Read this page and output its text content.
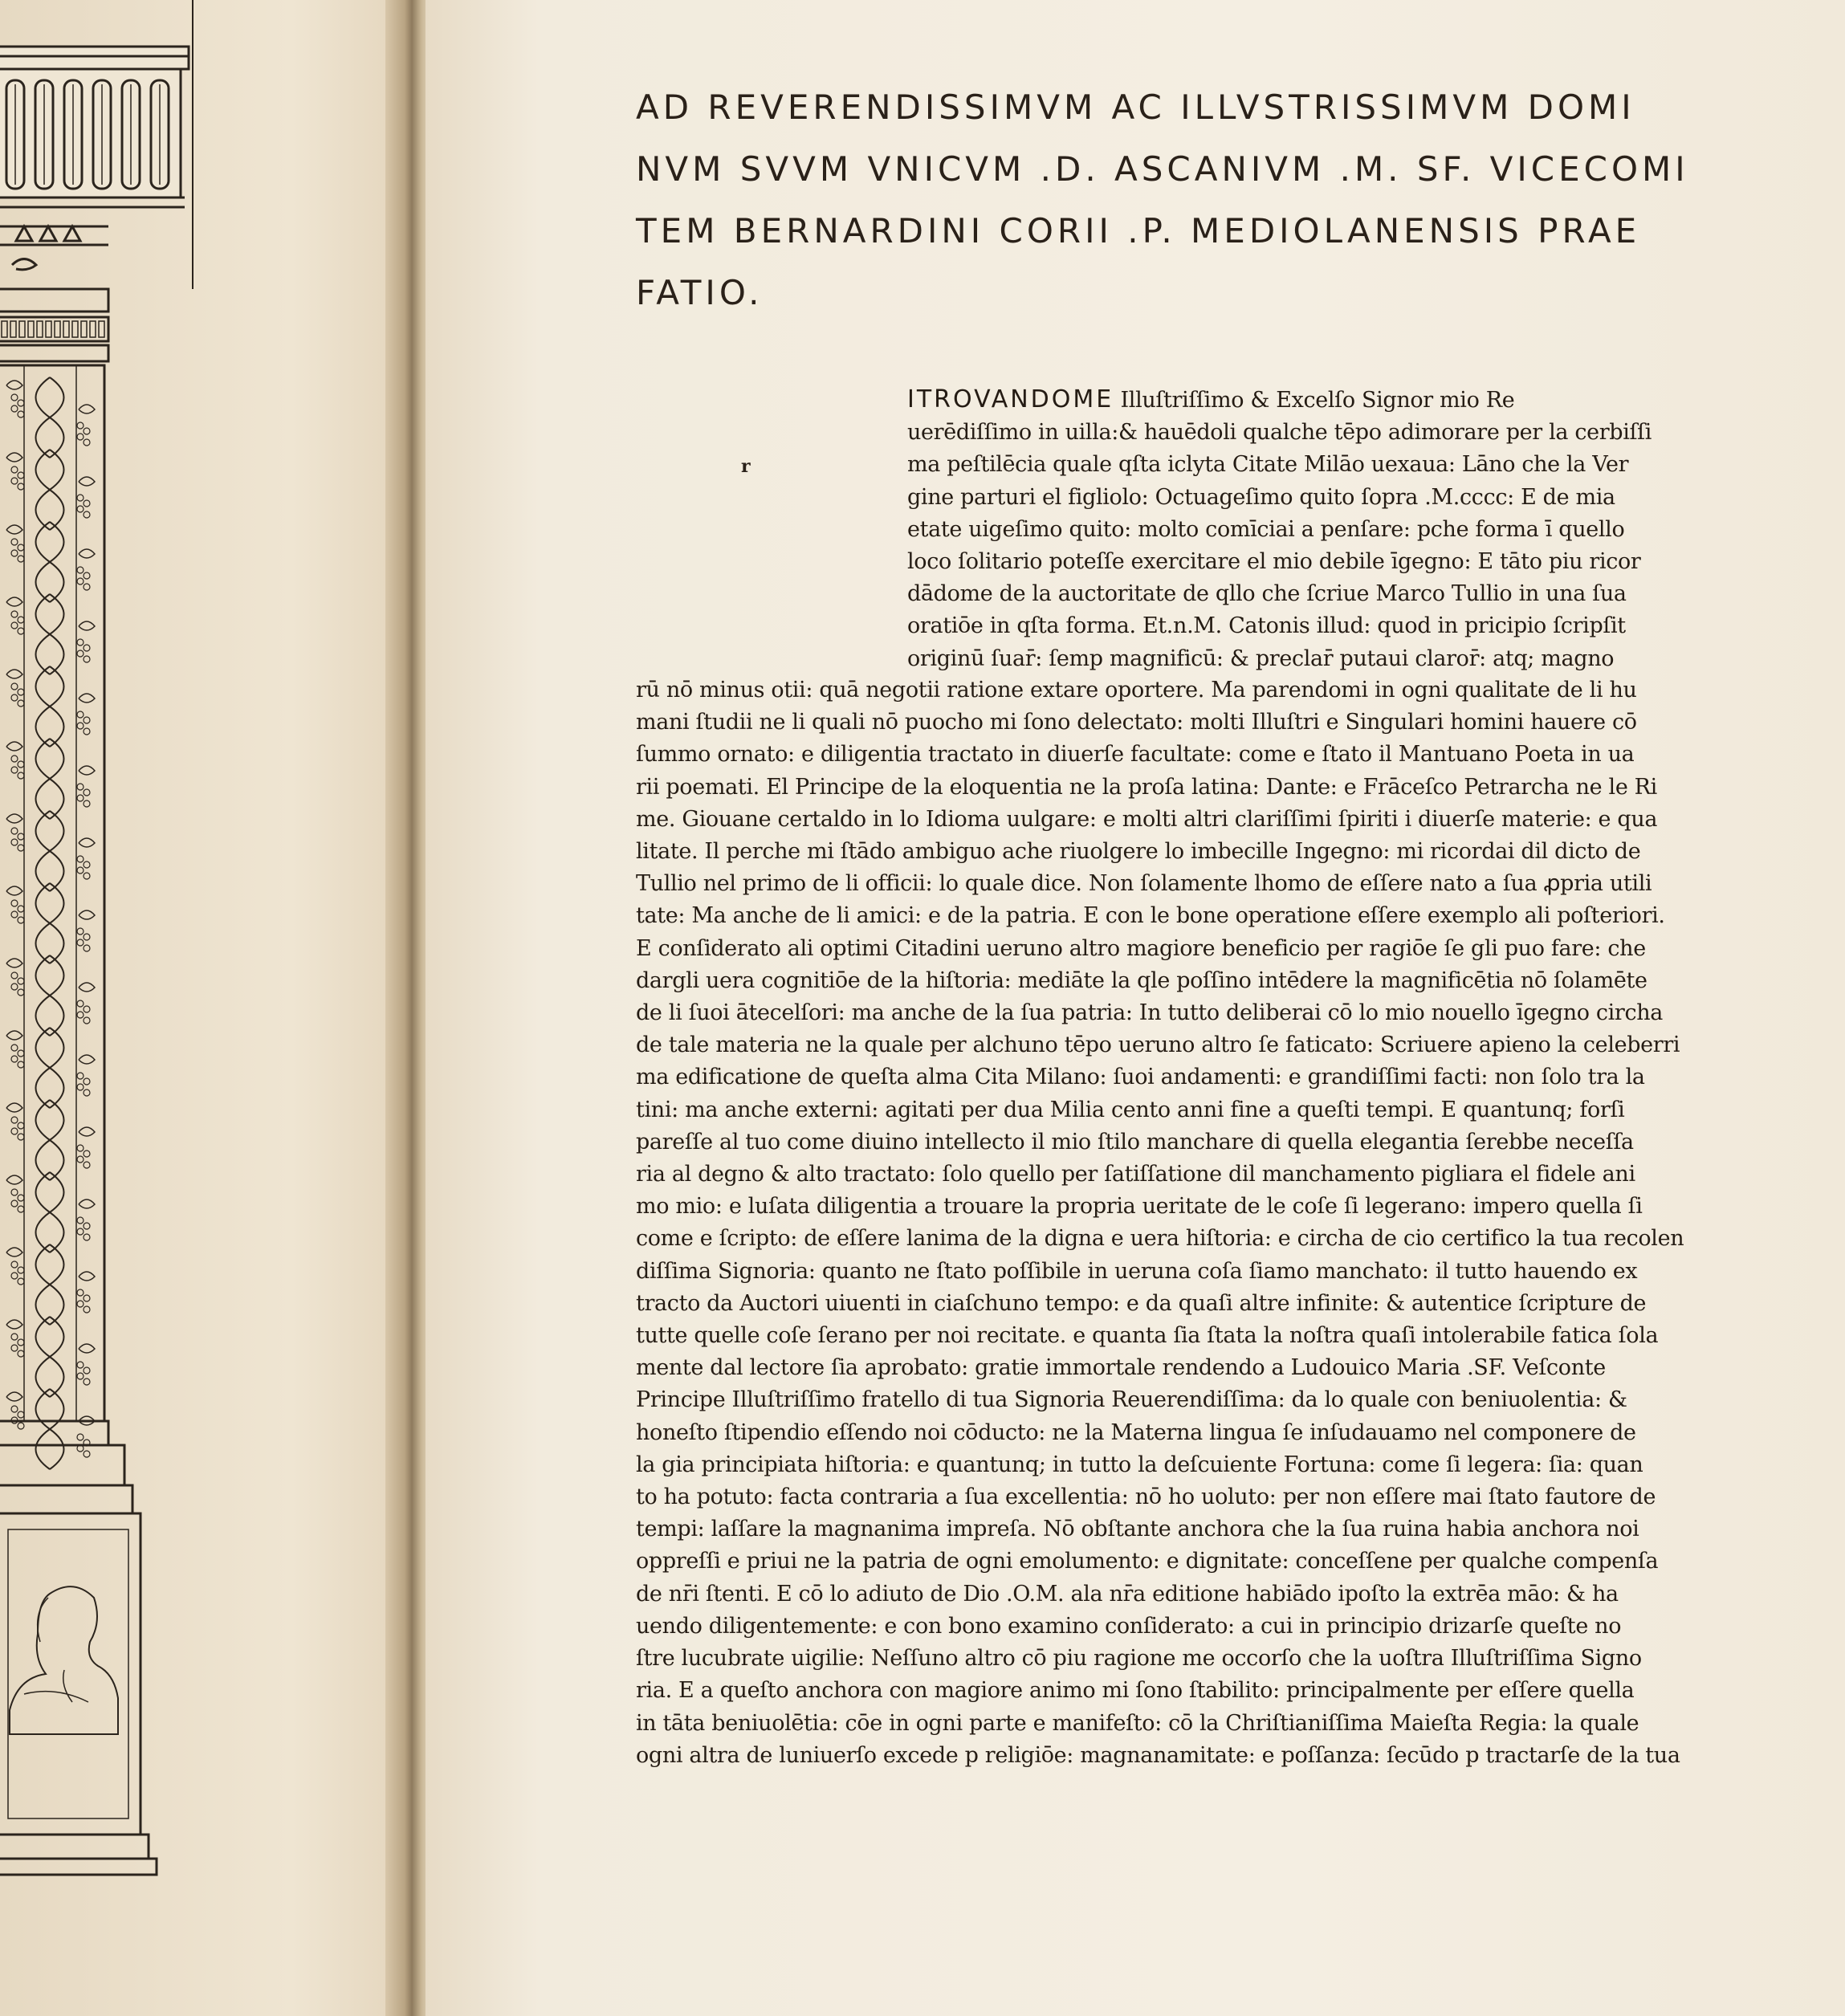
AD REVERENDISSIMVM AC ILLVSTRISSIMVM DOMI
NVM SVVM VNICVM .D. ASCANIVM .M. SF. VICECOMI
TEM BERNARDINI CORII .P. MEDIOLANENSIS PRAE
FATIO.
r
ITROVANDOME Illuſtriſſimo & Excelſo Signor mio Re
uerēdiſſimo in uilla:& hauēdoli qualche tēpo adimorare per la cerbiſſi
ma peſtilēcia quale qſta iclyta Citate Milāo uexaua: Lāno che la Ver
gine parturi el figliolo: Octuageſimo quito ſopra .M.cccc: E de mia
etate uigeſimo quito: molto comīciai a penſare: pche forma ī quello
loco ſolitario poteſſe exercitare el mio debile īgegno: E tāto piu ricor
dādome de la auctoritate de qllo che ſcriue Marco Tullio in una ſua
oratiōe in qſta forma. Et.n.M. Catonis illud: quod in pricipio ſcripſit
originū ſuar̄: ſemp magnificū: & preclar̄ putaui claror̄: atq; magno
rū nō minus otii: quā negotii ratione extare oportere. Ma parendomi in ogni qualitate de li hu
mani ſtudii ne li quali nō puocho mi ſono delectato: molti Illuſtri e Singulari homini hauere cō
ſummo ornato: e diligentia tractato in diuerſe facultate: come e ſtato il Mantuano Poeta in ua
rii poemati. El Principe de la eloquentia ne la proſa latina: Dante: e Frāceſco Petrarcha ne le Ri
me. Giouane certaldo in lo Idioma uulgare: e molti altri clariſſimi ſpiriti i diuerſe materie: e qua
litate. Il perche mi ſtādo ambiguo ache riuolgere lo imbecille Ingegno: mi ricordai dil dicto de
Tullio nel primo de li officii: lo quale dice. Non ſolamente lhomo de eſſere nato a ſua ꝓpria utili
tate: Ma anche de li amici: e de la patria. E con le bone operatione eſſere exemplo ali poſteriori.
E conſiderato ali optimi Citadini ueruno altro magiore beneficio per ragiōe ſe gli puo fare: che
dargli uera cognitiōe de la hiſtoria: mediāte la qle poſſino intēdere la magnificētia nō ſolamēte
de li ſuoi ātecelſori: ma anche de la ſua patria: In tutto deliberai cō lo mio nouello īgegno circha
de tale materia ne la quale per alchuno tēpo ueruno altro ſe faticato: Scriuere apieno la celeberri
ma edificatione de queſta alma Cita Milano: ſuoi andamenti: e grandiſſimi facti: non ſolo tra la
tini: ma anche externi: agitati per dua Milia cento anni fine a queſti tempi. E quantunq; forſi
pareſſe al tuo come diuino intellecto il mio ſtilo manchare di quella elegantia ſerebbe neceſſa
ria al degno & alto tractato: ſolo quello per ſatiſſatione dil manchamento pigliara el fidele ani
mo mio: e luſata diligentia a trouare la propria ueritate de le coſe ſi legerano: impero quella ſi
come e ſcripto: de eſſere lanima de la digna e uera hiſtoria: e circha de cio certifico la tua recolen
diſſima Signoria: quanto ne ſtato poſſibile in ueruna coſa ſiamo manchato: il tutto hauendo ex
tracto da Auctori uiuenti in ciaſchuno tempo: e da quaſi altre infinite: & autentice ſcripture de
tutte quelle coſe ſerano per noi recitate. e quanta ſia ſtata la noſtra quaſi intolerabile fatica ſola
mente dal lectore ſia aprobato: gratie immortale rendendo a Ludouico Maria .SF. Veſconte
Principe Illuſtriſſimo fratello di tua Signoria Reuerendiſſima: da lo quale con beniuolentia: &
honeſto ſtipendio eſſendo noi cōducto: ne la Materna lingua ſe inſudauamo nel componere de
la gia principiata hiſtoria: e quantunq; in tutto la deſcuiente Fortuna: come ſi legera: ſia: quan
to ha potuto: facta contraria a ſua excellentia: nō ho uoluto: per non eſſere mai ſtato fautore de
tempi: laſſare la magnanima impreſa. Nō obſtante anchora che la ſua ruina habia anchora noi
oppreſſi e priui ne la patria de ogni emolumento: e dignitate: conceſſene per qualche compenſa
de nr̄i ſtenti. E cō lo adiuto de Dio .O.M. ala nr̄a editione habiādo ipoſto la extrēa māo: & ha
uendo diligentemente: e con bono examino conſiderato: a cui in principio drizarſe queſte no
ſtre lucubrate uigilie: Neſſuno altro cō piu ragione me occorſo che la uoſtra Illuſtriſſima Signo
ria. E a queſto anchora con magiore animo mi ſono ſtabilito: principalmente per eſſere quella
in tāta beniuolētia: cōe in ogni parte e manifeſto: cō la Chriſtianiſſima Maieſta Regia: la quale
ogni altra de luniuerſo excede p religiōe: magnanamitate: e poſſanza: ſecūdo p tractarſe de la tua
